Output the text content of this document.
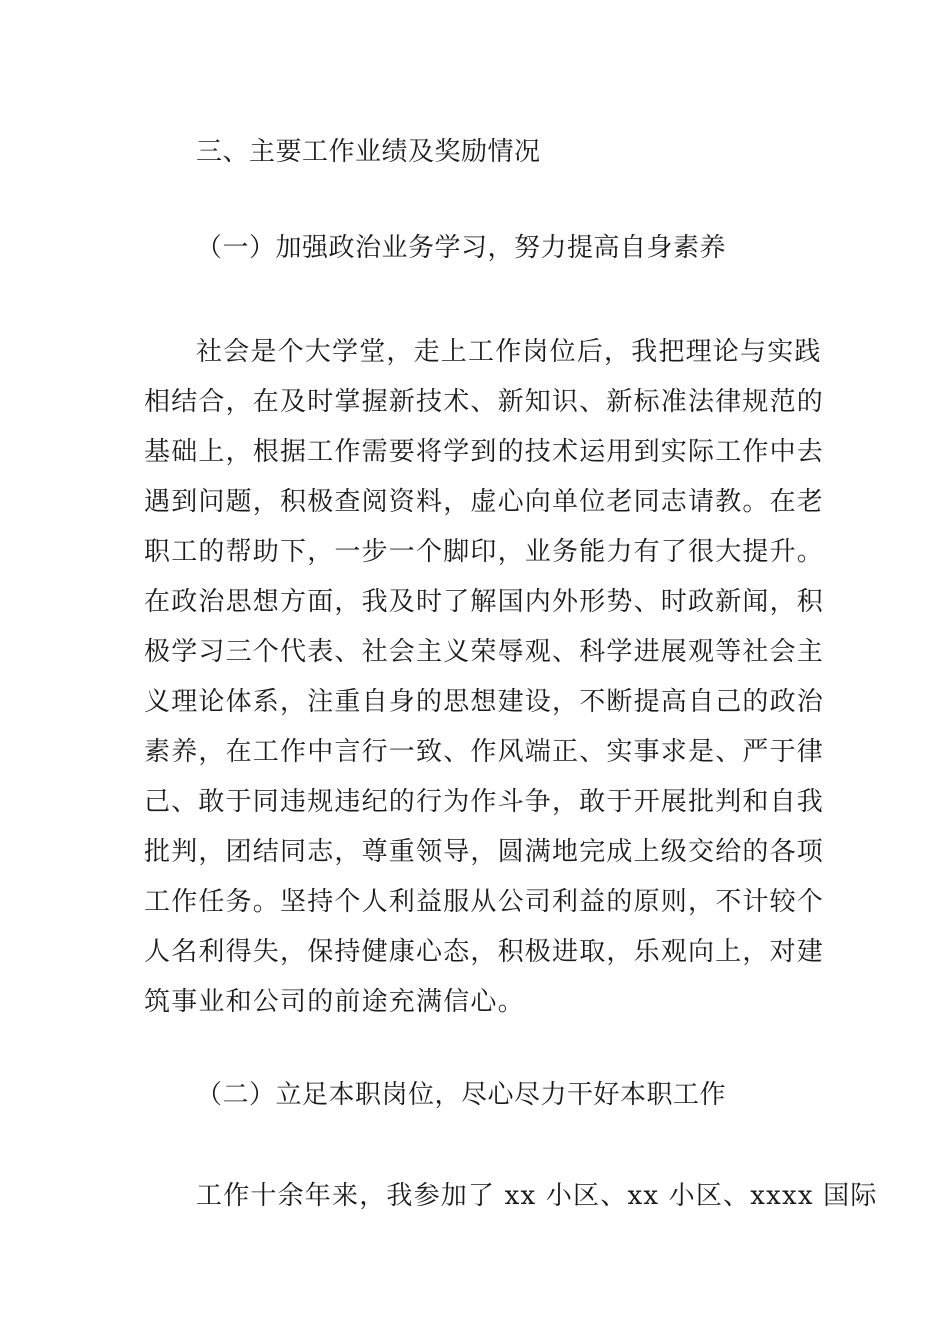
三、主要工作业绩及奖励情况
（一）加强政治业务学习，努力提高自身素养
社会是个大学堂，走上工作岗位后，我把理论与实践
相结合，在及时掌握新技术、新知识、新标准法律规范的
基础上，根据工作需要将学到的技术运用到实际工作中去
遇到问题，积极查阅资料，虚心向单位老同志请教。在老
职工的帮助下，一步一个脚印，业务能力有了很大提升。
在政治思想方面，我及时了解国内外形势、时政新闻，积
极学习三个代表、社会主义荣辱观、科学进展观等社会主
义理论体系，注重自身的思想建设，不断提高自己的政治
素养，在工作中言行一致、作风端正、实事求是、严于律
己、敢于同违规违纪的行为作斗争，敢于开展批判和自我
批判，团结同志，尊重领导，圆满地完成上级交给的各项
工作任务。坚持个人利益服从公司利益的原则，不计较个
人名利得失，保持健康心态，积极进取，乐观向上，对建
筑事业和公司的前途充满信心。
（二）立足本职岗位，尽心尽力干好本职工作
工作十余年来，我参加了 xx 小区、xx 小区、xxxx 国际
